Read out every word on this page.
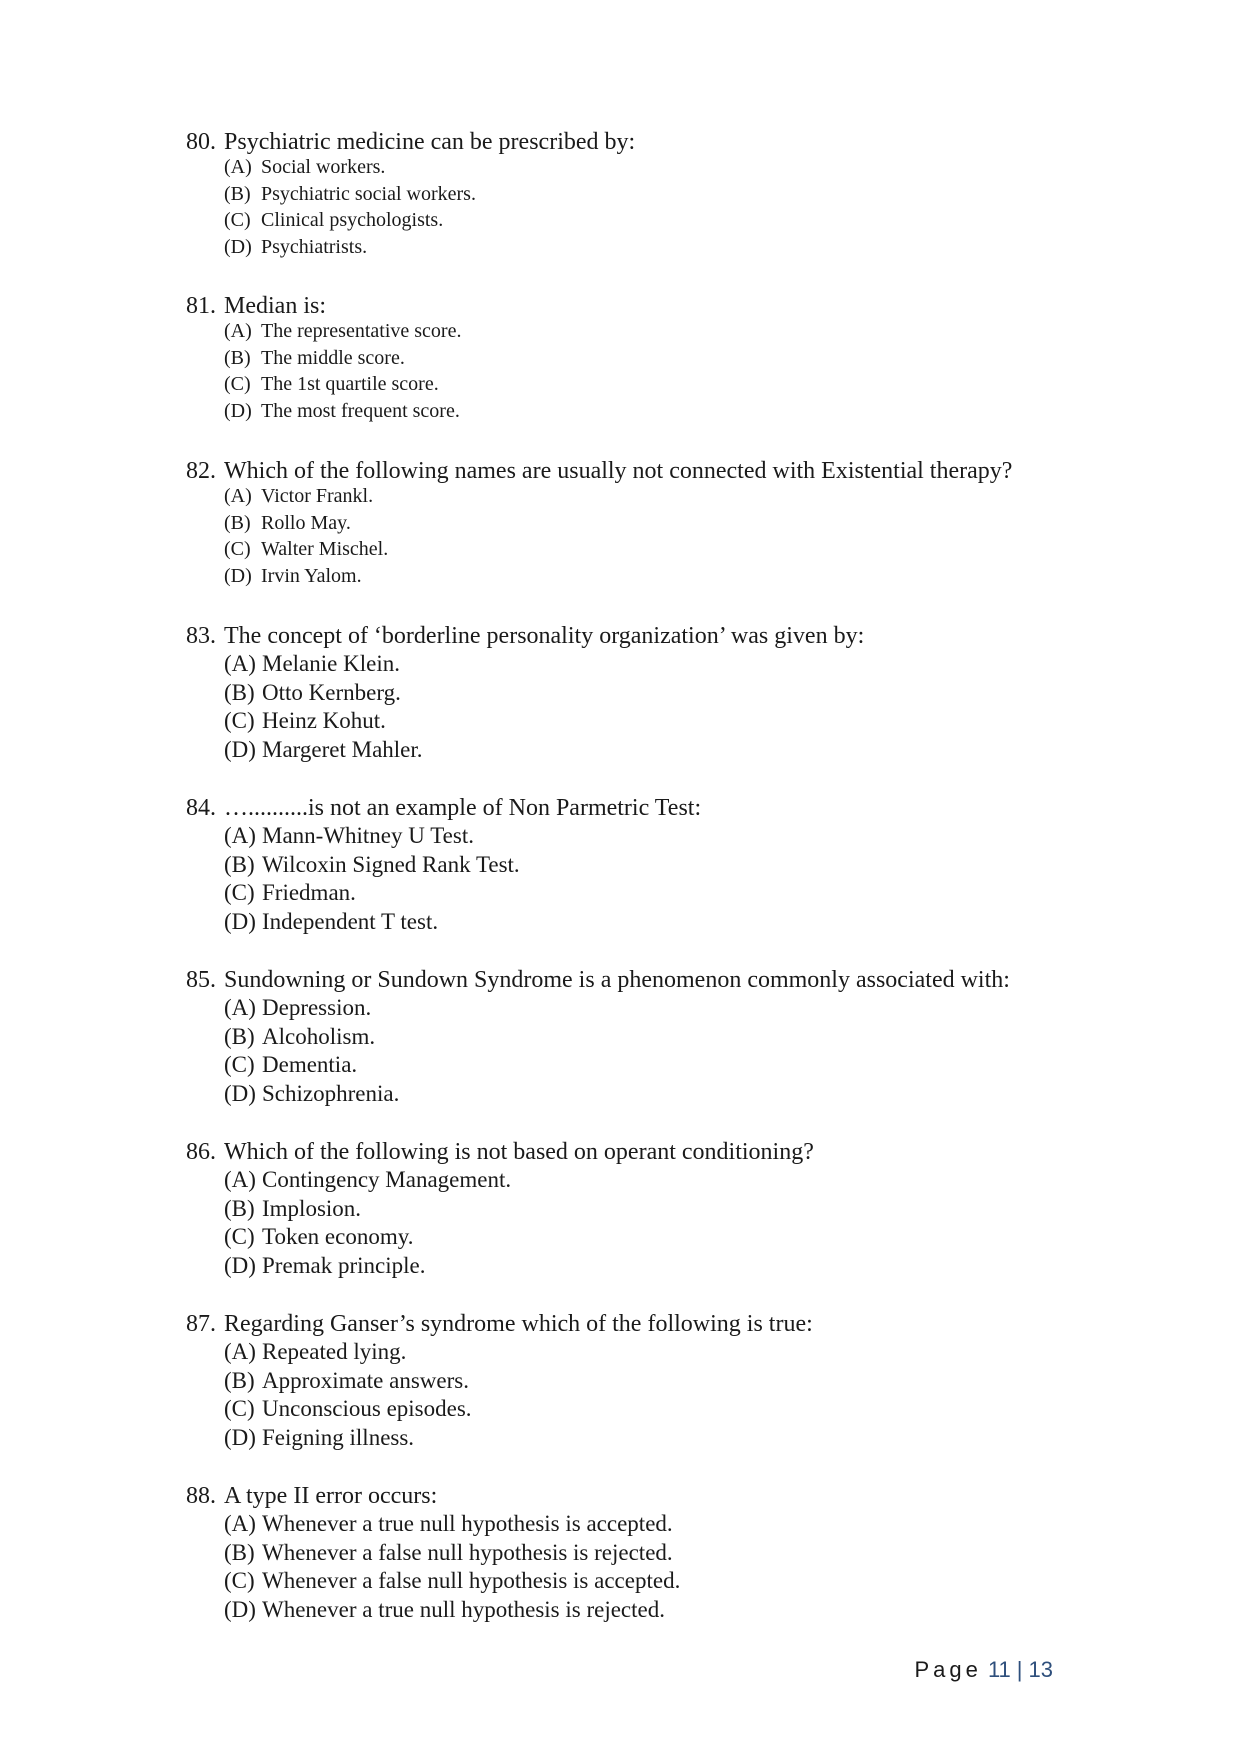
80. Psychiatric medicine can be prescribed by:
(A) Social workers.
(B) Psychiatric social workers.
(C) Clinical psychologists.
(D) Psychiatrists.
81. Median is:
(A) The representative score.
(B) The middle score.
(C) The 1st quartile score.
(D) The most frequent score.
82. Which of the following names are usually not connected with Existential therapy?
(A) Victor Frankl.
(B) Rollo May.
(C) Walter Mischel.
(D) Irvin Yalom.
83. The concept of ‘borderline personality organization’ was given by:
(A) Melanie Klein.
(B) Otto Kernberg.
(C) Heinz Kohut.
(D) Margeret Mahler.
84. …..........is not an example of Non Parmetric Test:
(A) Mann-Whitney U Test.
(B) Wilcoxin Signed Rank Test.
(C) Friedman.
(D) Independent T test.
85. Sundowning or Sundown Syndrome is a phenomenon commonly associated with:
(A) Depression.
(B) Alcoholism.
(C) Dementia.
(D) Schizophrenia.
86. Which of the following is not based on operant conditioning?
(A) Contingency Management.
(B) Implosion.
(C) Token economy.
(D) Premak principle.
87. Regarding Ganser’s syndrome which of the following is true:
(A) Repeated lying.
(B) Approximate answers.
(C) Unconscious episodes.
(D) Feigning illness.
88. A type II error occurs:
(A) Whenever a true null hypothesis is accepted.
(B) Whenever a false null hypothesis is rejected.
(C) Whenever a false null hypothesis is accepted.
(D) Whenever a true null hypothesis is rejected.
Page 11 | 13
